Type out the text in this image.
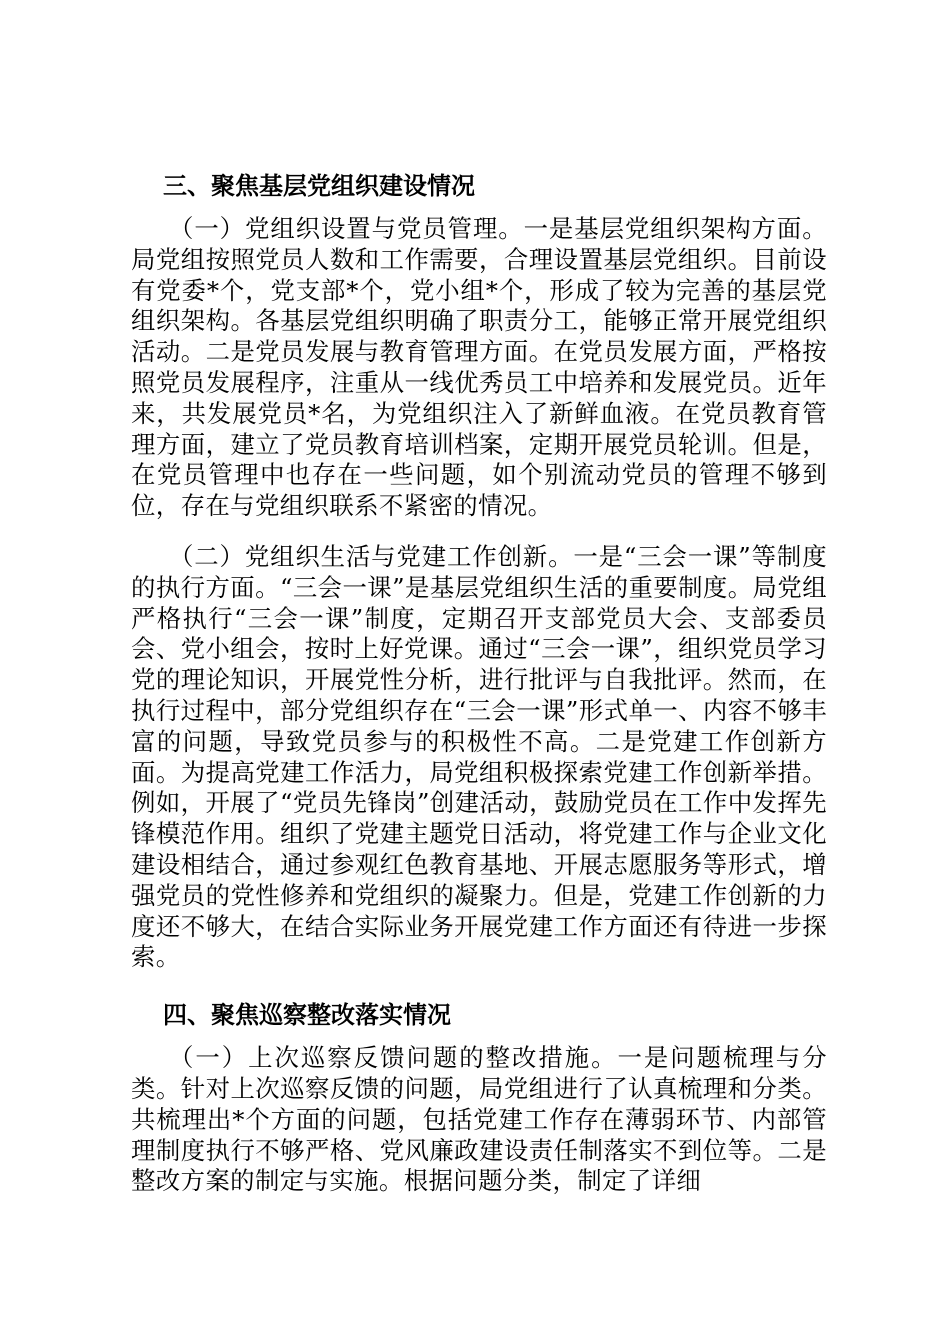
三、聚焦基层党组织建设情况

（一）党组织设置与党员管理。一是基层党组织架构方面。局党组按照党员人数和工作需要，合理设置基层党组织。目前设有党委*个，党支部*个，党小组*个，形成了较为完善的基层党组织架构。各基层党组织明确了职责分工，能够正常开展党组织活动。二是党员发展与教育管理方面。在党员发展方面，严格按照党员发展程序，注重从一线优秀员工中培养和发展党员。近年来，共发展党员*名，为党组织注入了新鲜血液。在党员教育管理方面，建立了党员教育培训档案，定期开展党员轮训。但是，在党员管理中也存在一些问题，如个别流动党员的管理不够到位，存在与党组织联系不紧密的情况。

（二）党组织生活与党建工作创新。一是“三会一课”等制度的执行方面。“三会一课”是基层党组织生活的重要制度。局党组严格执行“三会一课”制度，定期召开支部党员大会、支部委员会、党小组会，按时上好党课。通过“三会一课”，组织党员学习党的理论知识，开展党性分析，进行批评与自我批评。然而，在执行过程中，部分党组织存在“三会一课”形式单一、内容不够丰富的问题，导致党员参与的积极性不高。二是党建工作创新方面。为提高党建工作活力，局党组积极探索党建工作创新举措。例如，开展了“党员先锋岗”创建活动，鼓励党员在工作中发挥先锋模范作用。组织了党建主题党日活动，将党建工作与企业文化建设相结合，通过参观红色教育基地、开展志愿服务等形式，增强党员的党性修养和党组织的凝聚力。但是，党建工作创新的力度还不够大，在结合实际业务开展党建工作方面还有待进一步探索。

四、聚焦巡察整改落实情况

（一）上次巡察反馈问题的整改措施。一是问题梳理与分类。针对上次巡察反馈的问题，局党组进行了认真梳理和分类。共梳理出*个方面的问题，包括党建工作存在薄弱环节、内部管理制度执行不够严格、党风廉政建设责任制落实不到位等。二是整改方案的制定与实施。根据问题分类，制定了详细
